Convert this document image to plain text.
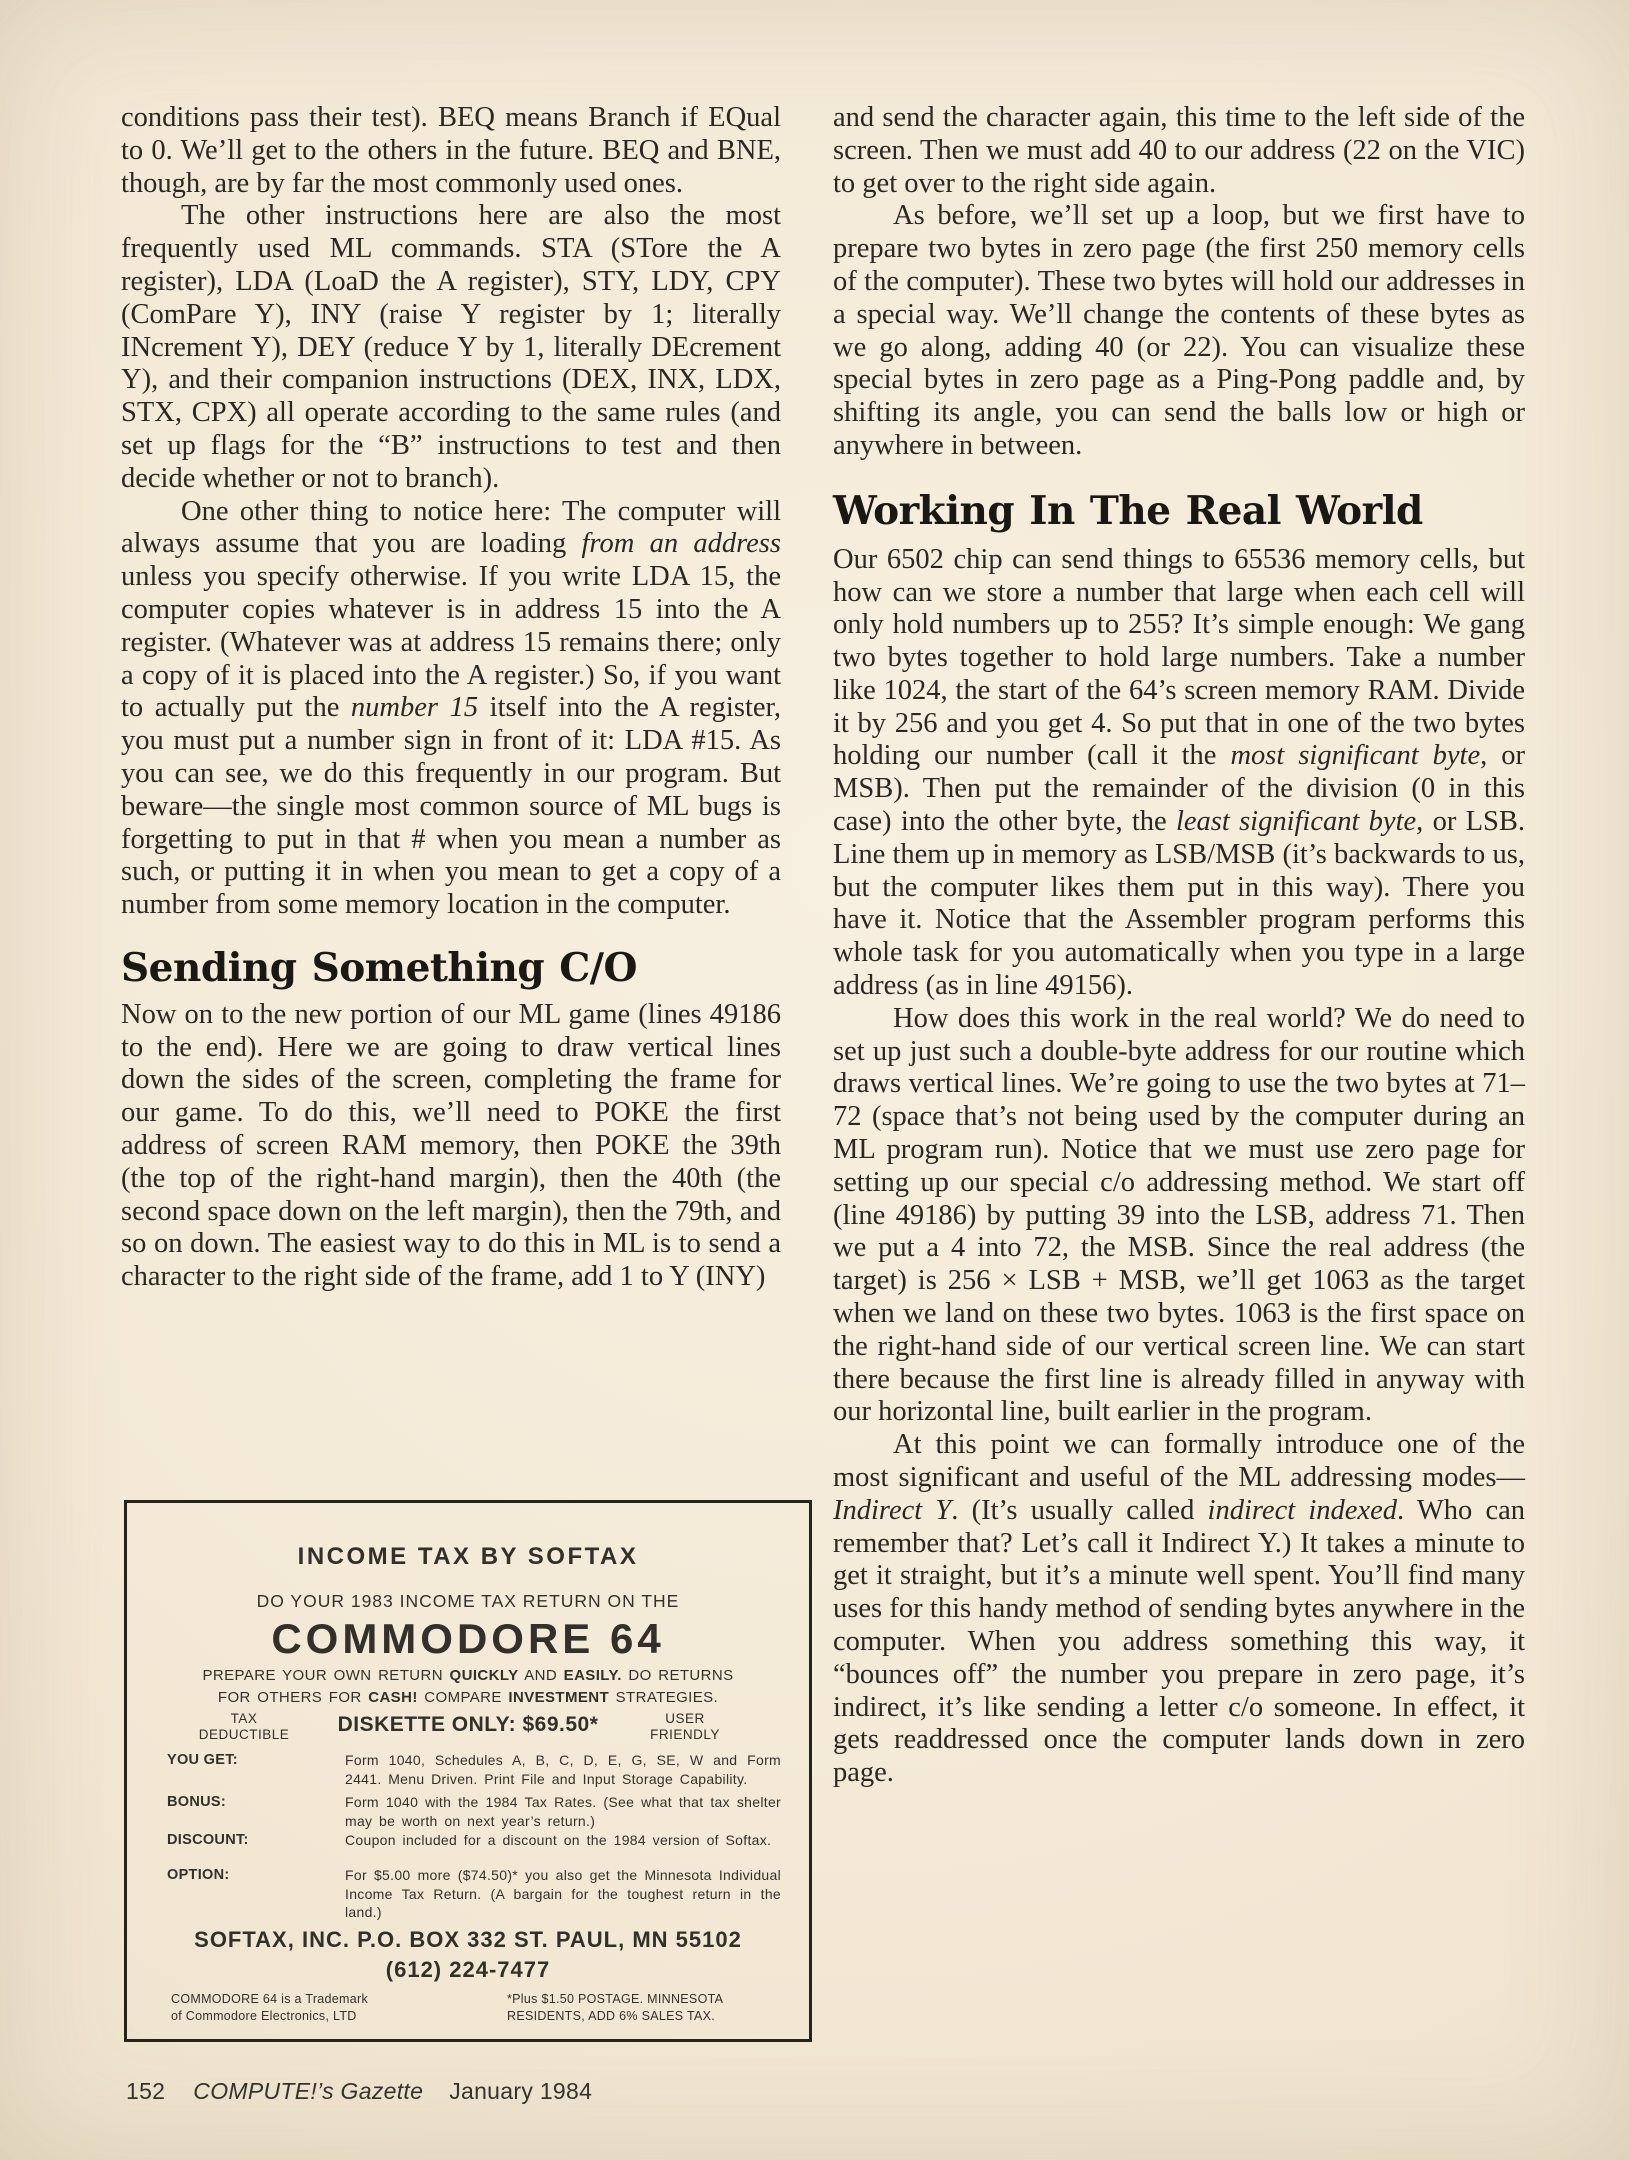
conditions pass their test). BEQ means Branch if EQual to 0. We’ll get to the others in the future. BEQ and BNE, though, are by far the most commonly used ones.

The other instructions here are also the most frequently used ML commands. STA (STore the A register), LDA (LoaD the A register), STY, LDY, CPY (ComPare Y), INY (raise Y register by 1; literally INcrement Y), DEY (reduce Y by 1, literally DEcrement Y), and their companion instructions (DEX, INX, LDX, STX, CPX) all operate according to the same rules (and set up flags for the “B” instructions to test and then decide whether or not to branch).

One other thing to notice here: The computer will always assume that you are loading from an address unless you specify otherwise. If you write LDA 15, the computer copies whatever is in address 15 into the A register. (Whatever was at address 15 remains there; only a copy of it is placed into the A register.) So, if you want to actually put the number 15 itself into the A register, you must put a number sign in front of it: LDA #15. As you can see, we do this frequently in our program. But beware—the single most common source of ML bugs is forgetting to put in that # when you mean a number as such, or putting it in when you mean to get a copy of a number from some memory location in the computer.

Sending Something C/O

Now on to the new portion of our ML game (lines 49186 to the end). Here we are going to draw vertical lines down the sides of the screen, completing the frame for our game. To do this, we’ll need to POKE the first address of screen RAM memory, then POKE the 39th (the top of the right-hand margin), then the 40th (the second space down on the left margin), then the 79th, and so on down. The easiest way to do this in ML is to send a character to the right side of the frame, add 1 to Y (INY)

and send the character again, this time to the left side of the screen. Then we must add 40 to our address (22 on the VIC) to get over to the right side again.

As before, we’ll set up a loop, but we first have to prepare two bytes in zero page (the first 250 memory cells of the computer). These two bytes will hold our addresses in a special way. We’ll change the contents of these bytes as we go along, adding 40 (or 22). You can visualize these special bytes in zero page as a Ping-Pong paddle and, by shifting its angle, you can send the balls low or high or anywhere in between.

Working In The Real World

Our 6502 chip can send things to 65536 memory cells, but how can we store a number that large when each cell will only hold numbers up to 255? It’s simple enough: We gang two bytes together to hold large numbers. Take a number like 1024, the start of the 64’s screen memory RAM. Divide it by 256 and you get 4. So put that in one of the two bytes holding our number (call it the most significant byte, or MSB). Then put the remainder of the division (0 in this case) into the other byte, the least significant byte, or LSB. Line them up in memory as LSB/MSB (it’s backwards to us, but the computer likes them put in this way). There you have it. Notice that the Assembler program performs this whole task for you automatically when you type in a large address (as in line 49156).

How does this work in the real world? We do need to set up just such a double-byte address for our routine which draws vertical lines. We’re going to use the two bytes at 71–72 (space that’s not being used by the computer during an ML program run). Notice that we must use zero page for setting up our special c/o addressing method. We start off (line 49186) by putting 39 into the LSB, address 71. Then we put a 4 into 72, the MSB. Since the real address (the target) is 256 × LSB + MSB, we’ll get 1063 as the target when we land on these two bytes. 1063 is the first space on the right-hand side of our vertical screen line. We can start there because the first line is already filled in anyway with our horizontal line, built earlier in the program.

At this point we can formally introduce one of the most significant and useful of the ML addressing modes—Indirect Y. (It’s usually called indirect indexed. Who can remember that? Let’s call it Indirect Y.) It takes a minute to get it straight, but it’s a minute well spent. You’ll find many uses for this handy method of sending bytes anywhere in the computer. When you address something this way, it “bounces off” the number you prepare in zero page, it’s indirect, it’s like sending a letter c/o someone. In effect, it gets readdressed once the computer lands down in zero page.

INCOME TAX BY SOFTAX
DO YOUR 1983 INCOME TAX RETURN ON THE
COMMODORE 64
PREPARE YOUR OWN RETURN QUICKLY AND EASILY. DO RETURNS
FOR OTHERS FOR CASH! COMPARE INVESTMENT STRATEGIES.
TAX
DEDUCTIBLE	DISKETTE ONLY: $69.50*	USER
FRIENDLY
YOU GET:	Form 1040, Schedules A, B, C, D, E, G, SE, W and Form 2441. Menu Driven. Print File and Input Storage Capability.
BONUS:	Form 1040 with the 1984 Tax Rates. (See what that tax shelter may be worth on next year’s return.)
DISCOUNT:	Coupon included for a discount on the 1984 version of Softax.
OPTION:	For $5.00 more ($74.50)* you also get the Minnesota Individual Income Tax Return. (A bargain for the toughest return in the land.)
SOFTAX, INC. P.O. BOX 332 ST. PAUL, MN 55102
(612) 224-7477
COMMODORE 64 is a Trademark
of Commodore Electronics, LTD
*Plus $1.50 POSTAGE. MINNESOTA
RESIDENTS, ADD 6% SALES TAX.
152 COMPUTE!’s Gazette January 1984
